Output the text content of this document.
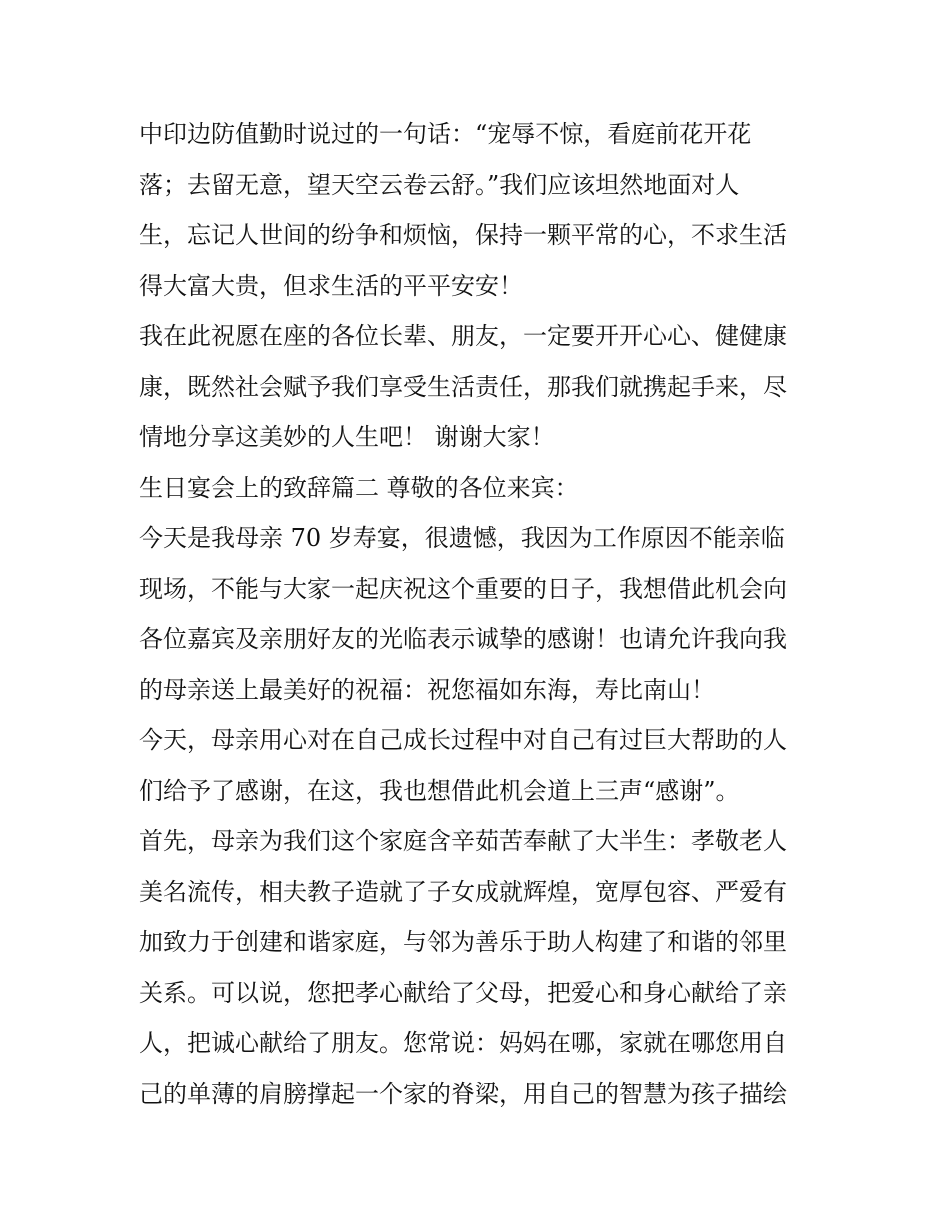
中印边防值勤时说过的一句话：“宠辱不惊，看庭前花开花
落；去留无意，望天空云卷云舒。”我们应该坦然地面对人
生，忘记人世间的纷争和烦恼，保持一颗平常的心，不求生活
得大富大贵，但求生活的平平安安！
我在此祝愿在座的各位长辈、朋友，一定要开开心心、健健康
康，既然社会赋予我们享受生活责任，那我们就携起手来，尽
情地分享这美妙的人生吧！ 谢谢大家！
生日宴会上的致辞篇二 尊敬的各位来宾：
今天是我母亲 70 岁寿宴，很遗憾，我因为工作原因不能亲临
现场，不能与大家一起庆祝这个重要的日子，我想借此机会向
各位嘉宾及亲朋好友的光临表示诚挚的感谢！也请允许我向我
的母亲送上最美好的祝福：祝您福如东海，寿比南山！
今天，母亲用心对在自己成长过程中对自己有过巨大帮助的人
们给予了感谢，在这，我也想借此机会道上三声“感谢”。
首先，母亲为我们这个家庭含辛茹苦奉献了大半生：孝敬老人
美名流传，相夫教子造就了子女成就辉煌，宽厚包容、严爱有
加致力于创建和谐家庭，与邻为善乐于助人构建了和谐的邻里
关系。可以说，您把孝心献给了父母，把爱心和身心献给了亲
人，把诚心献给了朋友。您常说：妈妈在哪，家就在哪您用自
己的单薄的肩膀撑起一个家的脊梁，用自己的智慧为孩子描绘
